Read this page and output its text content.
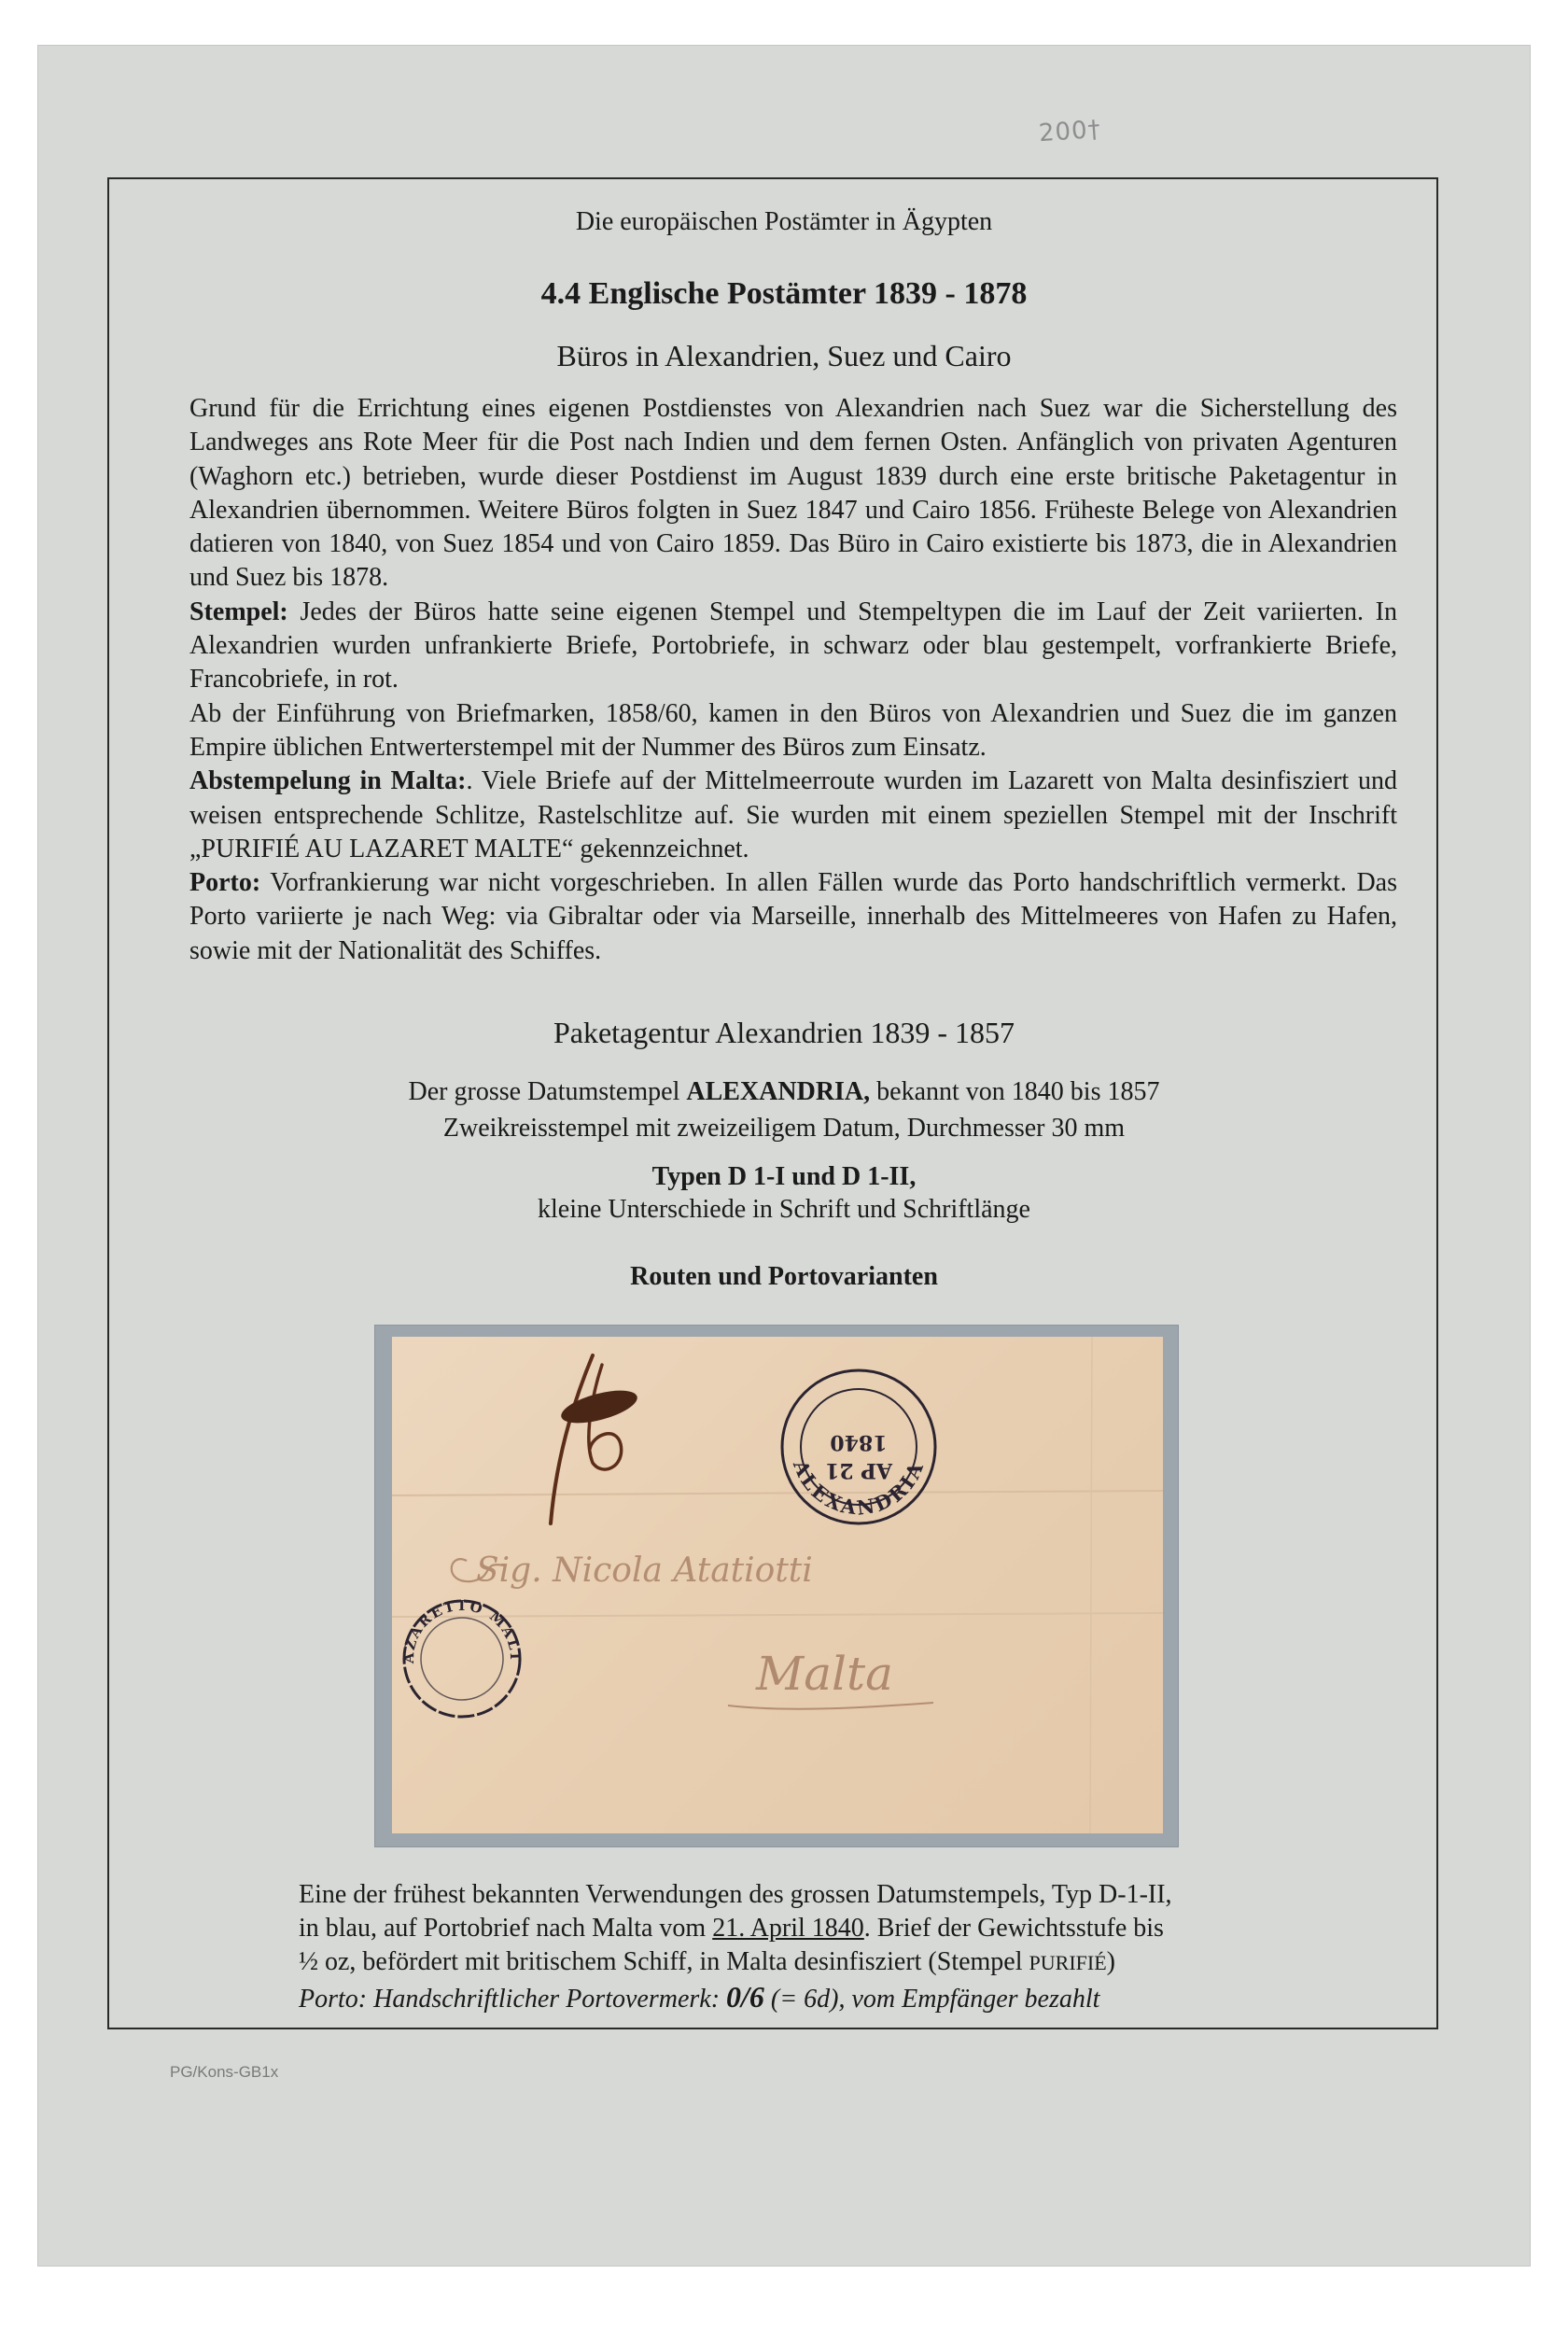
200†
Die europäischen Postämter in Ägypten
4.4 Englische Postämter 1839 - 1878
Büros in Alexandrien, Suez und Cairo

Grund für die Errichtung eines eigenen Postdienstes von Alexandrien nach Suez war die Sicherstellung des Landweges ans Rote Meer für die Post nach Indien und dem fernen Osten. Anfänglich von privaten Agenturen (Waghorn etc.) betrieben, wurde dieser Postdienst im August 1839 durch eine erste britische Paketagentur in Alexandrien übernommen. Weitere Büros folgten in Suez 1847 und Cairo 1856. Früheste Belege von Alexandrien datieren von 1840, von Suez 1854 und von Cairo 1859. Das Büro in Cairo existierte bis 1873, die in Alexandrien und Suez bis 1878.

Stempel: Jedes der Büros hatte seine eigenen Stempel und Stempeltypen die im Lauf der Zeit variierten. In Alexandrien wurden unfrankierte Briefe, Portobriefe, in schwarz oder blau gestempelt, vorfrankierte Briefe, Francobriefe, in rot.

Ab der Einführung von Briefmarken, 1858/60, kamen in den Büros von Alexandrien und Suez die im ganzen Empire üblichen Entwerterstempel mit der Nummer des Büros zum Einsatz.

Abstempelung in Malta:. Viele Briefe auf der Mittelmeerroute wurden im Lazarett von Malta desinfisziert und weisen entsprechende Schlitze, Rastelschlitze auf. Sie wurden mit einem speziellen Stempel mit der Inschrift „PURIFIÉ AU LAZARET MALTE“ gekennzeichnet.

Porto: Vorfrankierung war nicht vorgeschrieben. In allen Fällen wurde das Porto handschriftlich vermerkt. Das Porto variierte je nach Weg: via Gibraltar oder via Marseille, innerhalb des Mittelmeeres von Hafen zu Hafen, sowie mit der Nationalität des Schiffes.

Paketagentur Alexandrien 1839 - 1857
Der grosse Datumstempel ALEXANDRIA, bekannt von 1840 bis 1857
Zweikreisstempel mit zweizeiligem Datum, Durchmesser 30 mm
Typen D 1-I und D 1-II,
kleine Unterschiede in Schrift und Schriftlänge
Routen und Portovarianten
AP 21
1840
ALEXANDRIA
Sig. Nicola Atatiotti
Malta
LAZARETTO MALTA

Eine der frühest bekannten Verwendungen des grossen Datumstempels, Typ D-1-II,

in blau, auf Portobrief nach Malta vom 21. April 1840. Brief der Gewichtsstufe bis

½ oz, befördert mit britischem Schiff, in Malta desinfisziert (Stempel PURIFIÉ)

Porto: Handschriftlicher Portovermerk: 0/6 (= 6d), vom Empfänger bezahlt

PG/Kons-GB1x
